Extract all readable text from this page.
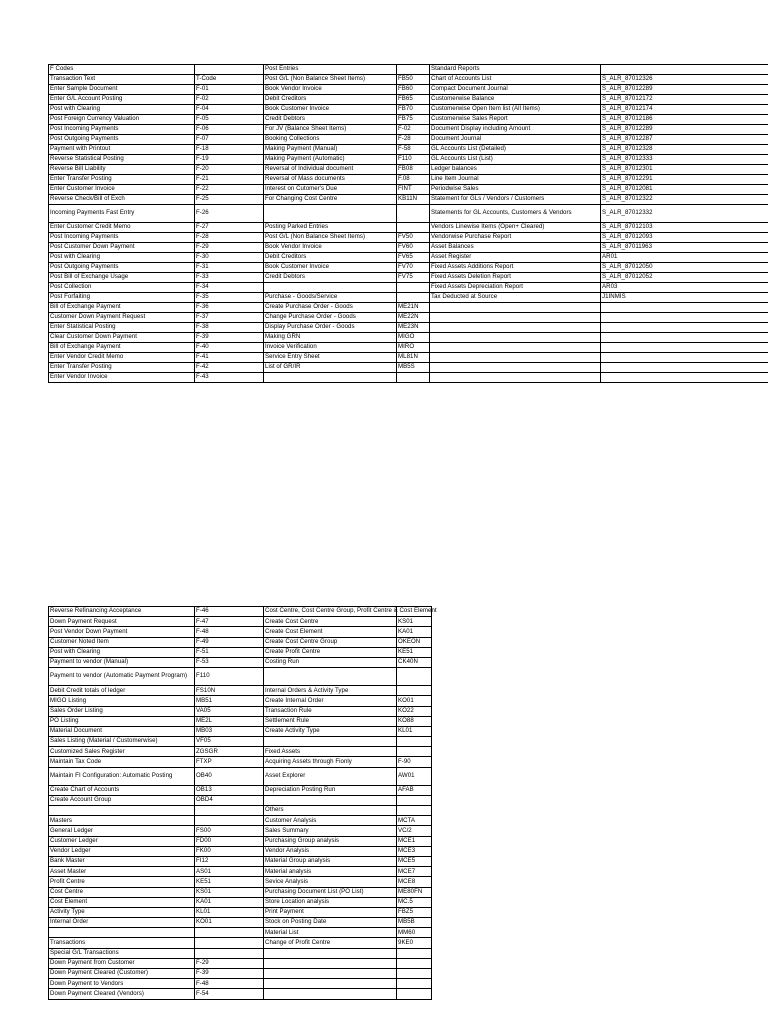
F Codes		Post Entries		Standard Reports	
Transaction Text	T-Code	Post G/L (Non Balance Sheet Items)	FB50	Chart of Accounts List	S_ALR_87012326
Enter Sample Document	F-01	Book Vendor Invoice	FB60	Compact Document Journal	S_ALR_87012289
Enter G/L Account Posting	F-02	Debit Creditors	FB65	Customerwise Balance	S_ALR_87012172
Post with Clearing	F-04	Book Customer Invoice	FB70	Customerwise Open Item list (All Items)	S_ALR_87012174
Post Foreign Currency Valuation	F-05	Credit Debtors	FB75	Customerwise Sales Report	S_ALR_87012186
Post Incoming Payments	F-06	For JV (Balance Sheet Items)	F-02	Document Display including Amount	S_ALR_87012289
Post Outgoing Payments	F-07	Booking Collections	F-28	Document Journal	S_ALR_87012287
Payment with Printout	F-18	Making Payment (Manual)	F-58	GL Accounts List (Detailed)	S_ALR_87012328
Reverse Statistical Posting	F-19	Making Payment (Automatic)	F110	GL Accounts List (List)	S_ALR_87012333
Reverse Bill Liability	F-20	Reversal of Individual document	FB08	Ledger balances	S_ALR_87012301
Enter Transfer Posting	F-21	Reversal of Mass documents	F.08	Line Item Journal	S_ALR_87012291
Enter Customer Invoice	F-22	Interest on Cutomer's Due	FINT	Periodwise Sales	S_ALR_87012081
Reverse Check/Bill of Exch	F-25	For Changing Cost Centre	KB11N	Statement for GLs / Vendors / Customers	S_ALR_87012322
Incoming Payments Fast Entry	F-26			Statements for GL Accounts, Customers & Vendors	S_ALR_87012332
Enter Customer Credit Memo	F-27	Posting Parked Entries		Vendors Linewise Items (Open+ Cleared)	S_ALR_87012103
Post Incoming Payments	F-28	Post G/L (Non Balance Sheet Items)	FV50	Vendorwise Purchase Report	S_ALR_87012093
Post Customer Down Payment	F-29	Book Vendor Invoice	FV60	Asset Balances	S_ALR_87011963
Post with Clearing	F-30	Debit Creditors	FV65	Asset Register	AR01
Post Outgoing Payments	F-31	Book Customer Invoice	FV70	Fixed Assets Additions Report	S_ALR_87012050
Post Bill of Exchange Usage	F-33	Credit Debtors	FV75	Fixed Assets Deletion Report	S_ALR_87012052
Post Collection	F-34			Fixed Assets Depreciation Report	AR03
Post Forfaiting	F-35	Purchase - Goods/Service		Tax Deducted at Source	J1INMIS
Bill of Exchange Payment	F-36	Create Purchase Order - Goods	ME21N		
Customer Down Payment Request	F-37	Change Purchase Order - Goods	ME22N		
Enter Statistical Posting	F-38	Display Purchase Order - Goods	ME23N		
Clear Customer Down Payment	F-39	Making GRN	MIGO		
Bill of Exchange Payment	F-40	Invoice Verification	MIRO		
Enter Vendor Credit Memo	F-41	Service Entry Sheet	ML81N		
Enter Transfer Posting	F-42	List of GR/IR	MB5S		
Enter Vendor Invoice	F-43				
Reverse Refinancing Acceptance	F-46	Cost Centre, Cost Centre Group, Profit Centre & Cost Element	
Down Payment Request	F-47	Create Cost Centre	KS01
Post Vendor Down Payment	F-48	Create Cost Element	KA01
Customer Noted Item	F-49	Create Cost Centre Group	OKEON
Post with Clearing	F-51	Create Profit Centre	KE51
Payment to vendor (Manual)	F-53	Costing Run	CK40N
Payment to vendor (Automatic Payment Program)	F110		
Debit Credit totals of ledger	FS10N	Internal Orders & Activity Type	
MIGO Listing	MB51	Create Internal Order	KO01
Sales Order Listing	VA05	Transaction Rule	KO22
PO Listing	ME2L	Settlement Rule	KO88
Material Document	MB03	Create Activity Type	KL01
Sales Listing (Material / Customerwise)	VF05		
Customized Sales Register	ZGSGR	Fixed Assets	
Maintain Tax Code	FTXP	Acquiring Assets through Fionly	F-90
Maintain FI Configuration: Automatic Posting	OB40	Asset Explorer	AW01
Create Chart of Accounts	OB13	Depreciation Posting Run	AFAB
Create Account Group	OBD4		
		Others	
Masters		Customer Analysis	MCTA
General Ledger	FS00	Sales Summary	VC/2
Customer Ledger	FD00	Purchasing Group analysis	MCE1
Vendor Ledger	FK00	Vendor Analysis	MCE3
Bank Master	FI12	Material Group analysis	MCE5
Asset Master	AS01	Material analysis	MCE7
Profit Centre	KE51	Sevice Analysis	MCE8
Cost Centre	KS01	Purchasing Document List (PO List)	ME80FN
Cost Element	KA01	Store Location analysis	MC.5
Activity Type	KL01	Print Payment	FBZ5
Internal Order	KO01	Stock on Posting Date	MB5B
		Material List	MM60
Transactions		Change of Profit Centre	9KE0
Special G/L Transactions			
Down Payment from Customer	F-29		
Down Payment Cleared (Customer)	F-39		
Down Payment to Vendors	F-48		
Down Payment Cleared (Vendors)	F-54		
